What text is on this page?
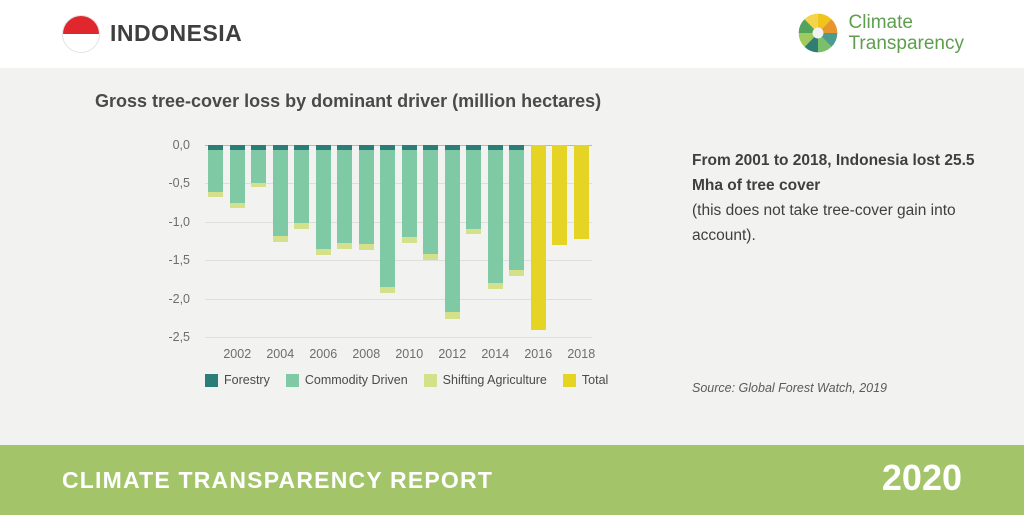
INDONESIA	Climate
Transparency
Gross tree-cover loss by dominant driver (million hectares)
0,0
-0,5
-1,0
-1,5
-2,0
-2,5
2002 2004 2006 2008 2010 2012 2014 2016 2018
Forestry	Commodity Driven	Shifting Agriculture	Total
From 2001 to 2018, Indonesia lost 25.5 Mha of tree cover
(this does not take tree-cover gain into account).
Source: Global Forest Watch, 2019
CLIMATE TRANSPARENCY REPORT	2020
